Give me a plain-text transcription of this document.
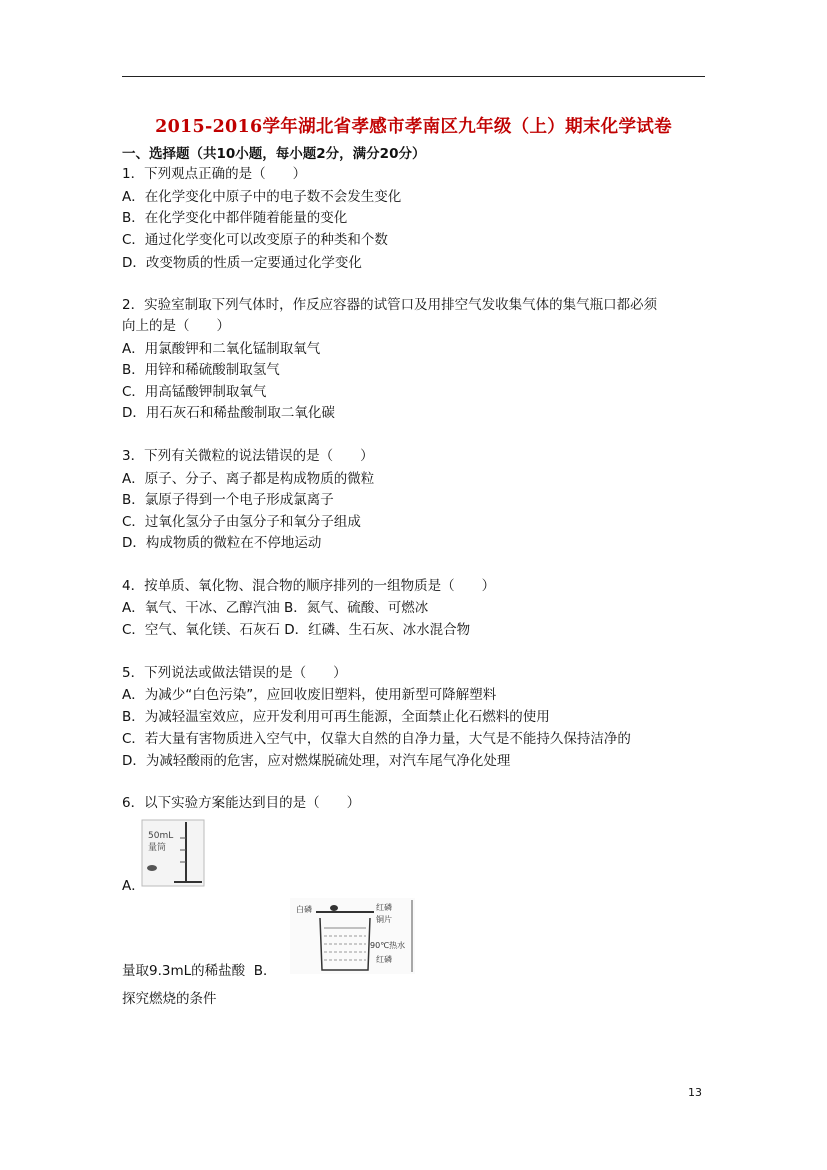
2015-2016学年湖北省孝感市孝南区九年级（上）期末化学试卷
一、选择题（共10小题，每小题2分，满分20分）
1．下列观点正确的是（　　）
A．在化学变化中原子中的电子数不会发生变化
B．在化学变化中都伴随着能量的变化
C．通过化学变化可以改变原子的种类和个数
D．改变物质的性质一定要通过化学变化
2．实验室制取下列气体时，作反应容器的试管口及用排空气发收集气体的集气瓶口都必须
向上的是（　　）
A．用氯酸钾和二氧化锰制取氧气
B．用锌和稀硫酸制取氢气
C．用高锰酸钾制取氧气
D．用石灰石和稀盐酸制取二氧化碳
3．下列有关微粒的说法错误的是（　　）
A．原子、分子、离子都是构成物质的微粒
B．氯原子得到一个电子形成氯离子
C．过氧化氢分子由氢分子和氧分子组成
D．构成物质的微粒在不停地运动
4．按单质、氧化物、混合物的顺序排列的一组物质是（　　）
A．氧气、干冰、乙醇汽油 B．氮气、硫酸、可燃冰
C．空气、氧化镁、石灰石 D．红磷、生石灰、冰水混合物
5．下列说法或做法错误的是（　　）
A．为减少“白色污染”，应回收废旧塑料，使用新型可降解塑料
B．为减轻温室效应，应开发利用可再生能源，全面禁止化石燃料的使用
C．若大量有害物质进入空气中，仅靠大自然的自净力量，大气是不能持久保持洁净的
D．为减轻酸雨的危害，应对燃煤脱硫处理，对汽车尾气净化处理
6．以下实验方案能达到目的是（　　）
50mL
量筒
A．
白磷	红磷
铜片
90℃热水
红磷
量取9.3mL的稀盐酸 B．
探究燃烧的条件
13
